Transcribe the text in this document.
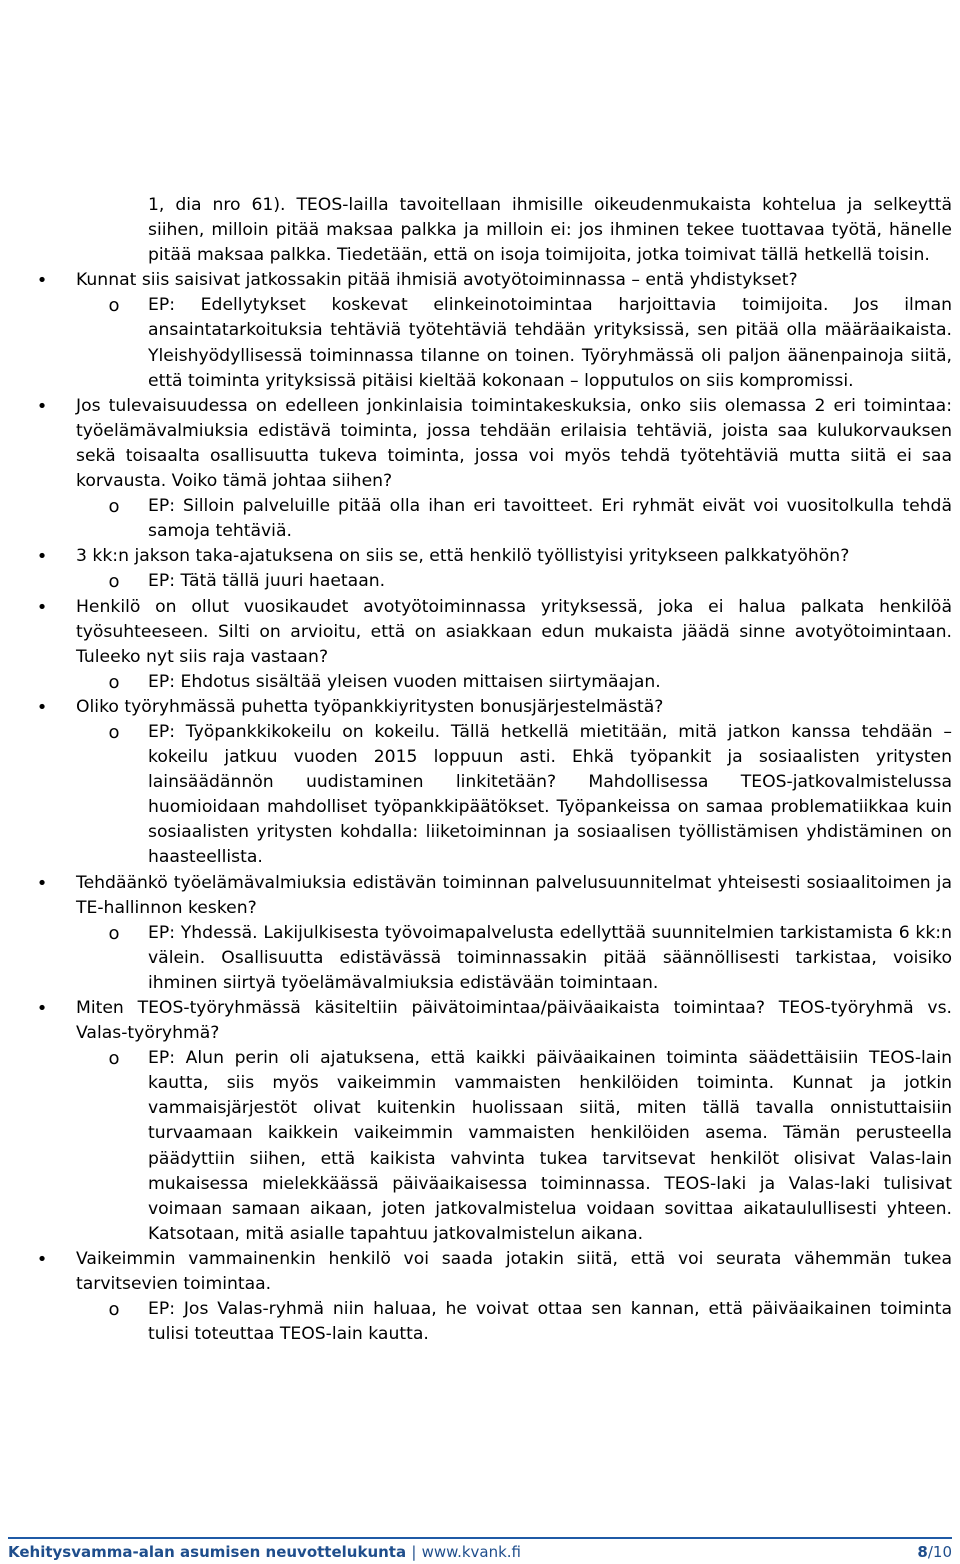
1, dia nro 61). TEOS-lailla tavoitellaan ihmisille oikeudenmukaista kohtelua ja selkeyttä siihen, milloin pitää maksaa palkka ja milloin ei: jos ihminen tekee tuottavaa työtä, hänelle pitää maksaa palkka. Tiedetään, että on isoja toimijoita, jotka toimivat tällä hetkellä toisin.

• Kunnat siis saisivat jatkossakin pitää ihmisiä avotyötoiminnassa – entä yhdistykset?

o EP: Edellytykset koskevat elinkeinotoimintaa harjoittavia toimijoita. Jos ilman ansaintatarkoituksia tehtäviä työtehtäviä tehdään yrityksissä, sen pitää olla määräaikaista. Yleishyödyllisessä toiminnassa tilanne on toinen. Työryhmässä oli paljon äänenpainoja siitä, että toiminta yrityksissä pitäisi kieltää kokonaan – lopputulos on siis kompromissi.

• Jos tulevaisuudessa on edelleen jonkinlaisia toimintakeskuksia, onko siis olemassa 2 eri toimintaa: työelämävalmiuksia edistävä toiminta, jossa tehdään erilaisia tehtäviä, joista saa kulukorvauksen sekä toisaalta osallisuutta tukeva toiminta, jossa voi myös tehdä työtehtäviä mutta siitä ei saa korvausta. Voiko tämä johtaa siihen?

o EP: Silloin palveluille pitää olla ihan eri tavoitteet. Eri ryhmät eivät voi vuositolkulla tehdä samoja tehtäviä.

• 3 kk:n jakson taka-ajatuksena on siis se, että henkilö työllistyisi yritykseen palkkatyöhön?

o EP: Tätä tällä juuri haetaan.

• Henkilö on ollut vuosikaudet avotyötoiminnassa yrityksessä, joka ei halua palkata henkilöä työsuhteeseen. Silti on arvioitu, että on asiakkaan edun mukaista jäädä sinne avotyötoimintaan. Tuleeko nyt siis raja vastaan?

o EP: Ehdotus sisältää yleisen vuoden mittaisen siirtymäajan.

• Oliko työryhmässä puhetta työpankkiyritysten bonusjärjestelmästä?

o EP: Työpankkikokeilu on kokeilu. Tällä hetkellä mietitään, mitä jatkon kanssa tehdään – kokeilu jatkuu vuoden 2015 loppuun asti. Ehkä työpankit ja sosiaalisten yritysten lainsäädännön uudistaminen linkitetään? Mahdollisessa TEOS-jatkovalmistelussa huomioidaan mahdolliset työpankkipäätökset. Työpankeissa on samaa problematiikkaa kuin sosiaalisten yritysten kohdalla: liiketoiminnan ja sosiaalisen työllistämisen yhdistäminen on haasteellista.

• Tehdäänkö työelämävalmiuksia edistävän toiminnan palvelusuunnitelmat yhteisesti sosiaalitoimen ja TE-hallinnon kesken?

o EP: Yhdessä. Lakijulkisesta työvoimapalvelusta edellyttää suunnitelmien tarkistamista 6 kk:n välein. Osallisuutta edistävässä toiminnassakin pitää säännöllisesti tarkistaa, voisiko ihminen siirtyä työelämävalmiuksia edistävään toimintaan.

• Miten TEOS-työryhmässä käsiteltiin päivätoimintaa/päiväaikaista toimintaa? TEOS-työryhmä vs. Valas-työryhmä?

o EP: Alun perin oli ajatuksena, että kaikki päiväaikainen toiminta säädettäisiin TEOS-lain kautta, siis myös vaikeimmin vammaisten henkilöiden toiminta. Kunnat ja jotkin vammaisjärjestöt olivat kuitenkin huolissaan siitä, miten tällä tavalla onnistuttaisiin turvaamaan kaikkein vaikeimmin vammaisten henkilöiden asema. Tämän perusteella päädyttiin siihen, että kaikista vahvinta tukea tarvitsevat henkilöt olisivat Valas-lain mukaisessa mielekkäässä päiväaikaisessa toiminnassa. TEOS-laki ja Valas-laki tulisivat voimaan samaan aikaan, joten jatkovalmistelua voidaan sovittaa aikataulullisesti yhteen. Katsotaan, mitä asialle tapahtuu jatkovalmistelun aikana.

• Vaikeimmin vammainenkin henkilö voi saada jotakin siitä, että voi seurata vähemmän tukea tarvitsevien toimintaa.

o EP: Jos Valas-ryhmä niin haluaa, he voivat ottaa sen kannan, että päiväaikainen toiminta tulisi toteuttaa TEOS-lain kautta.

Kehitysvamma-alan asumisen neuvottelukunta | www.kvank.fi	8/10
